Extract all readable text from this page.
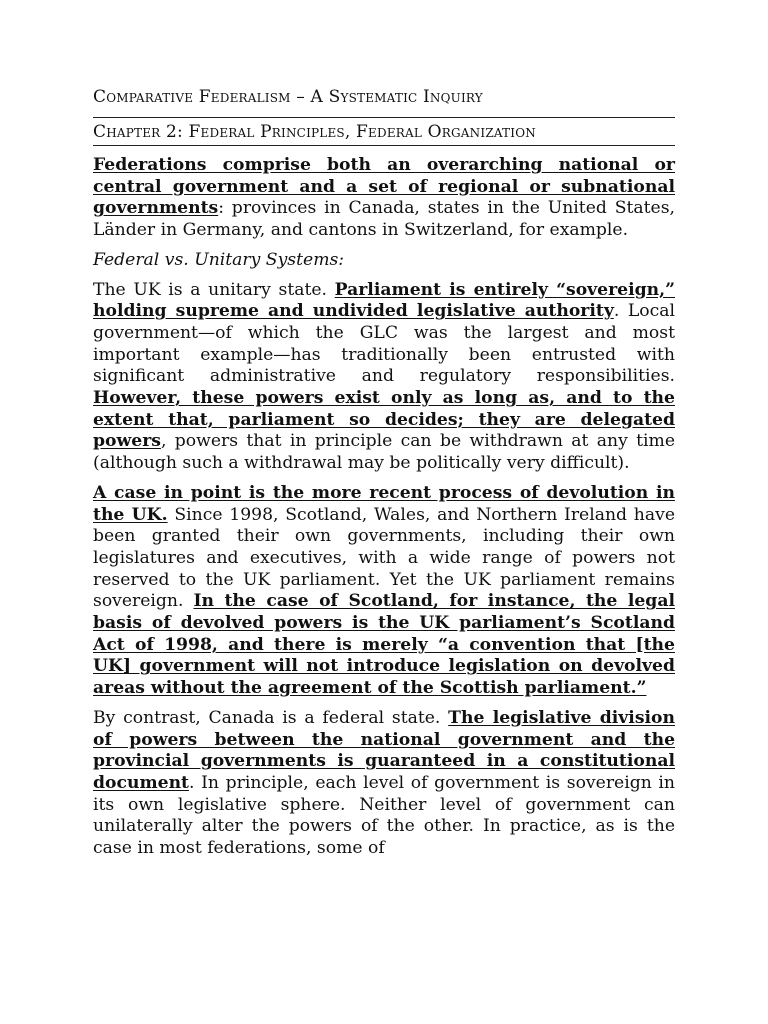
Comparative Federalism – A Systematic Inquiry
Chapter 2: Federal Principles, Federal Organization

Federations comprise both an overarching national or central government and a set of regional or subnational governments: provinces in Canada, states in the United States, Länder in Germany, and cantons in Switzerland, for example.

Federal vs. Unitary Systems:

The UK is a unitary state. Parliament is entirely “sovereign,” holding supreme and undivided legislative authority. Local government—of which the GLC was the largest and most important example—has traditionally been entrusted with significant administrative and regulatory responsibilities. However, these powers exist only as long as, and to the extent that, parliament so decides; they are delegated powers, powers that in principle can be withdrawn at any time (although such a withdrawal may be politically very difficult).

A case in point is the more recent process of devolution in the UK. Since 1998, Scotland, Wales, and Northern Ireland have been granted their own governments, including their own legislatures and executives, with a wide range of powers not reserved to the UK parliament. Yet the UK parliament remains sovereign. In the case of Scotland, for instance, the legal basis of devolved powers is the UK parliament’s Scotland Act of 1998, and there is merely “a convention that [the UK] government will not introduce legislation on devolved areas without the agreement of the Scottish parliament.”

By contrast, Canada is a federal state. The legislative division of powers between the national government and the provincial governments is guaranteed in a constitutional document. In principle, each level of government is sovereign in its own legislative sphere. Neither level of government can unilaterally alter the powers of the other. In practice, as is the case in most federations, some of
